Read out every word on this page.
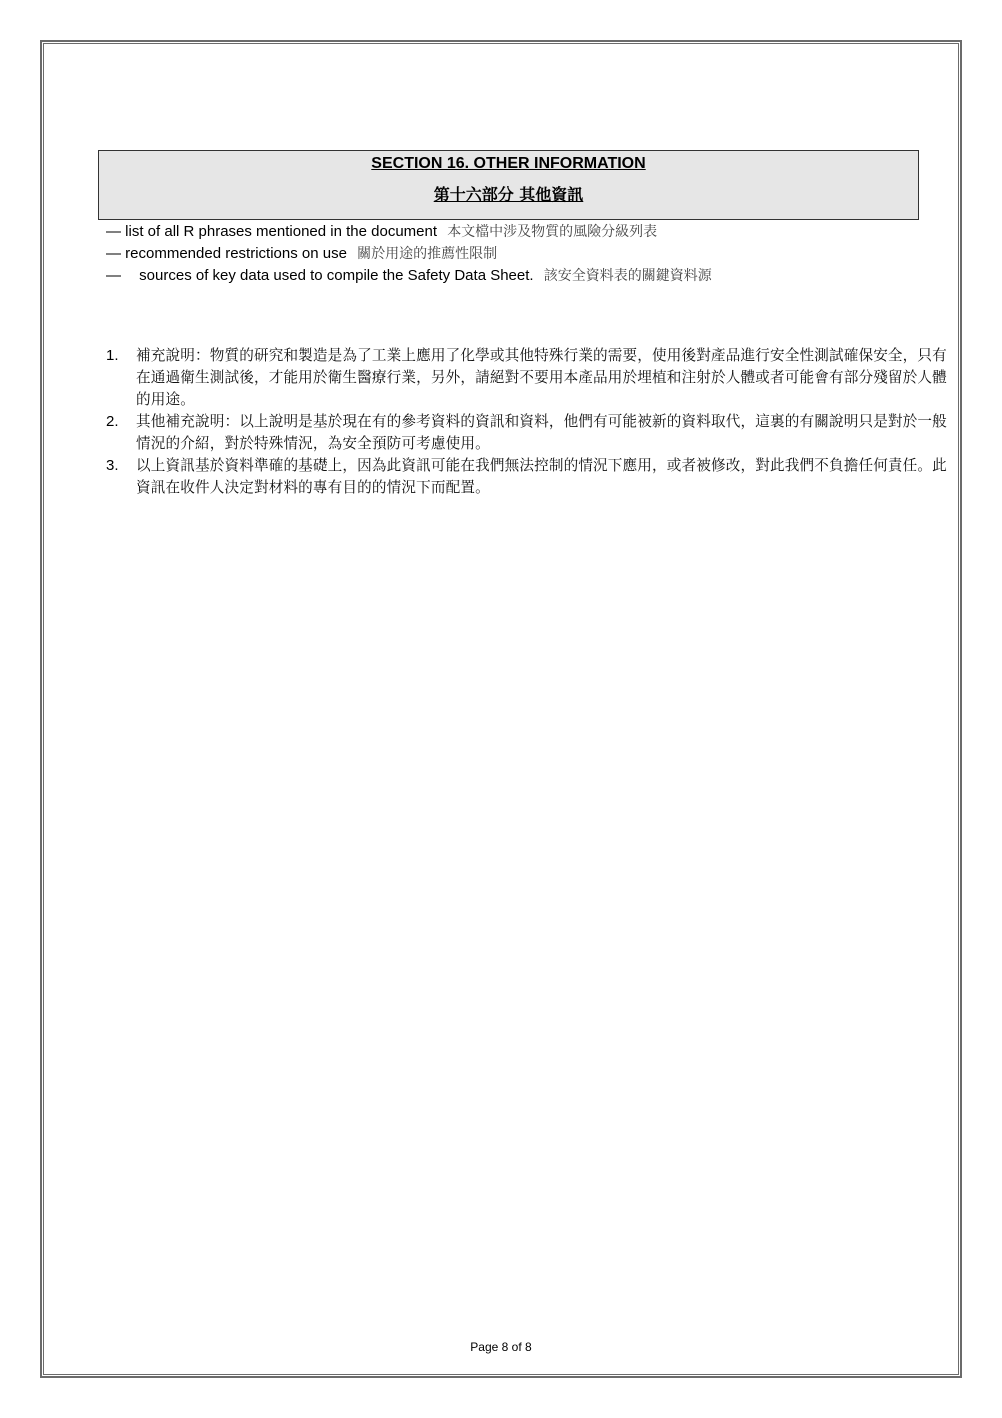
SECTION 16. OTHER INFORMATION
第十六部分 其他資訊
— list of all R phrases mentioned in the document 本文檔中涉及物質的風險分級列表
— recommended restrictions on use 關於用途的推薦性限制
— sources of key data used to compile the Safety Data Sheet. 該安全資料表的關鍵資料源
1. 補充說明：物質的研究和製造是為了工業上應用了化學或其他特殊行業的需要，使用後對產品進行安全性測試確保安全，只有在通過衛生測試後，才能用於衛生醫療行業，另外，請絕對不要用本產品用於埋植和注射於人體或者可能會有部分殘留於人體的用途。
2. 其他補充說明：以上說明是基於現在有的參考資料的資訊和資料，他們有可能被新的資料取代，這裏的有關說明只是對於一般情況的介紹，對於特殊情況，為安全預防可考慮使用。
3. 以上資訊基於資料準確的基礎上，因為此資訊可能在我們無法控制的情況下應用，或者被修改，對此我們不負擔任何責任。此資訊在收件人決定對材料的專有目的的情況下而配置。
Page 8 of 8
